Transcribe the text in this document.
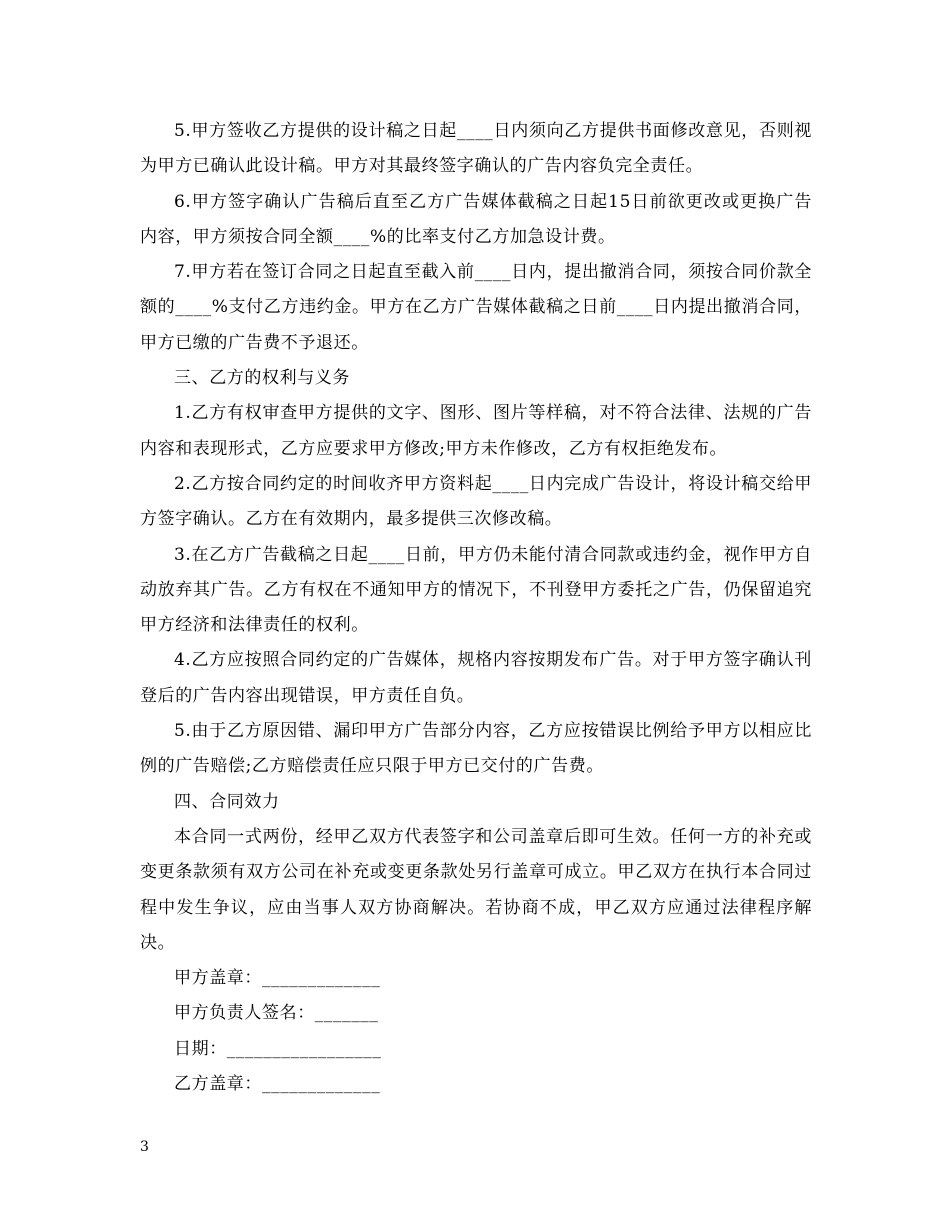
5.甲方签收乙方提供的设计稿之日起____日内须向乙方提供书面修改意见，否则视为甲方已确认此设计稿。甲方对其最终签字确认的广告内容负完全责任。

6.甲方签字确认广告稿后直至乙方广告媒体截稿之日起15日前欲更改或更换广告内容，甲方须按合同全额____%的比率支付乙方加急设计费。

7.甲方若在签订合同之日起直至截入前____日内，提出撤消合同，须按合同价款全额的____%支付乙方违约金。甲方在乙方广告媒体截稿之日前____日内提出撤消合同，甲方已缴的广告费不予退还。

三、乙方的权利与义务

1.乙方有权审查甲方提供的文字、图形、图片等样稿，对不符合法律、法规的广告内容和表现形式，乙方应要求甲方修改;甲方未作修改，乙方有权拒绝发布。

2.乙方按合同约定的时间收齐甲方资料起____日内完成广告设计，将设计稿交给甲方签字确认。乙方在有效期内，最多提供三次修改稿。

3.在乙方广告截稿之日起____日前，甲方仍未能付清合同款或违约金，视作甲方自动放弃其广告。乙方有权在不通知甲方的情况下，不刊登甲方委托之广告，仍保留追究甲方经济和法律责任的权利。

4.乙方应按照合同约定的广告媒体，规格内容按期发布广告。对于甲方签字确认刊登后的广告内容出现错误，甲方责任自负。

5.由于乙方原因错、漏印甲方广告部分内容，乙方应按错误比例给予甲方以相应比例的广告赔偿;乙方赔偿责任应只限于甲方已交付的广告费。

四、合同效力

本合同一式两份，经甲乙双方代表签字和公司盖章后即可生效。任何一方的补充或变更条款须有双方公司在补充或变更条款处另行盖章可成立。甲乙双方在执行本合同过程中发生争议，应由当事人双方协商解决。若协商不成，甲乙双方应通过法律程序解决。

甲方盖章：_____________

甲方负责人签名：_______

日期：_________________

乙方盖章：_____________

3
